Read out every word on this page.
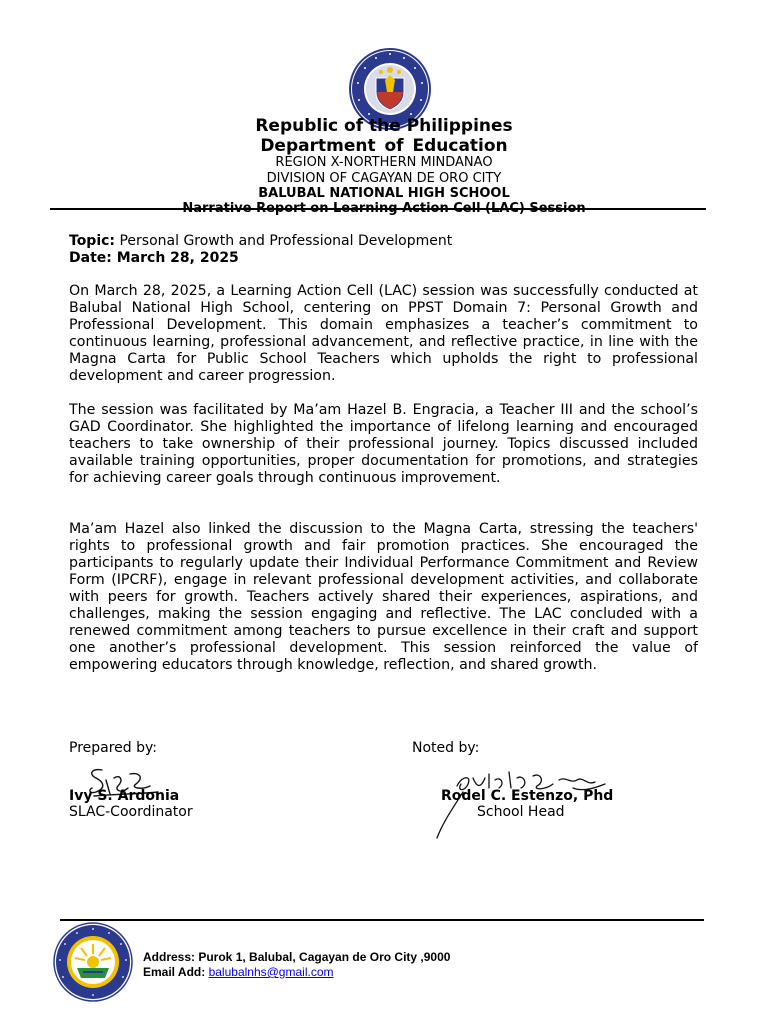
Republic of the Philippines
Department of Education
REGION X-NORTHERN MINDANAO
DIVISION OF CAGAYAN DE ORO CITY
BALUBAL NATIONAL HIGH SCHOOL
Narrative Report on Learning Action Cell (LAC) Session
Topic: Personal Growth and Professional Development
Date: March 28, 2025

On March 28, 2025, a Learning Action Cell (LAC) session was successfully conducted at Balubal National High School, centering on PPST Domain 7: Personal Growth and Professional Development. This domain emphasizes a teacher’s commitment to continuous learning, professional advancement, and reflective practice, in line with the Magna Carta for Public School Teachers which upholds the right to professional development and career progression.

The session was facilitated by Ma’am Hazel B. Engracia, a Teacher III and the school’s GAD Coordinator. She highlighted the importance of lifelong learning and encouraged teachers to take ownership of their professional journey. Topics discussed included available training opportunities, proper documentation for promotions, and strategies for achieving career goals through continuous improvement.

Ma’am Hazel also linked the discussion to the Magna Carta, stressing the teachers' rights to professional growth and fair promotion practices. She encouraged the participants to regularly update their Individual Performance Commitment and Review Form (IPCRF), engage in relevant professional development activities, and collaborate with peers for growth. Teachers actively shared their experiences, aspirations, and challenges, making the session engaging and reflective. The LAC concluded with a renewed commitment among teachers to pursue excellence in their craft and support one another’s professional development. This session reinforced the value of empowering educators through knowledge, reflection, and shared growth.

Prepared by:	Noted by:
Ivy S. Ardonia
SLAC-Coordinator
Rodel C. Estenzo, Phd
School Head
Address: Purok 1, Balubal, Cagayan de Oro City ,9000
Email Add: balubalnhs@gmail.com
